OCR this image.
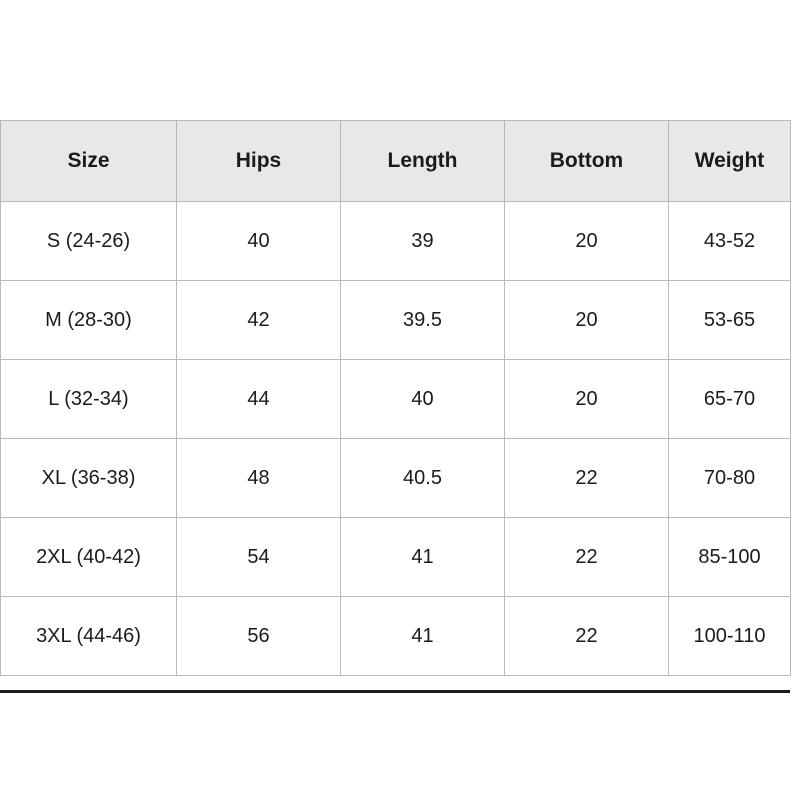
Size	Hips	Length	Bottom	Weight
S (24-26)	40	39	20	43-52
M (28-30)	42	39.5	20	53-65
L (32-34)	44	40	20	65-70
XL (36-38)	48	40.5	22	70-80
2XL (40-42)	54	41	22	85-100
3XL (44-46)	56	41	22	100-110
